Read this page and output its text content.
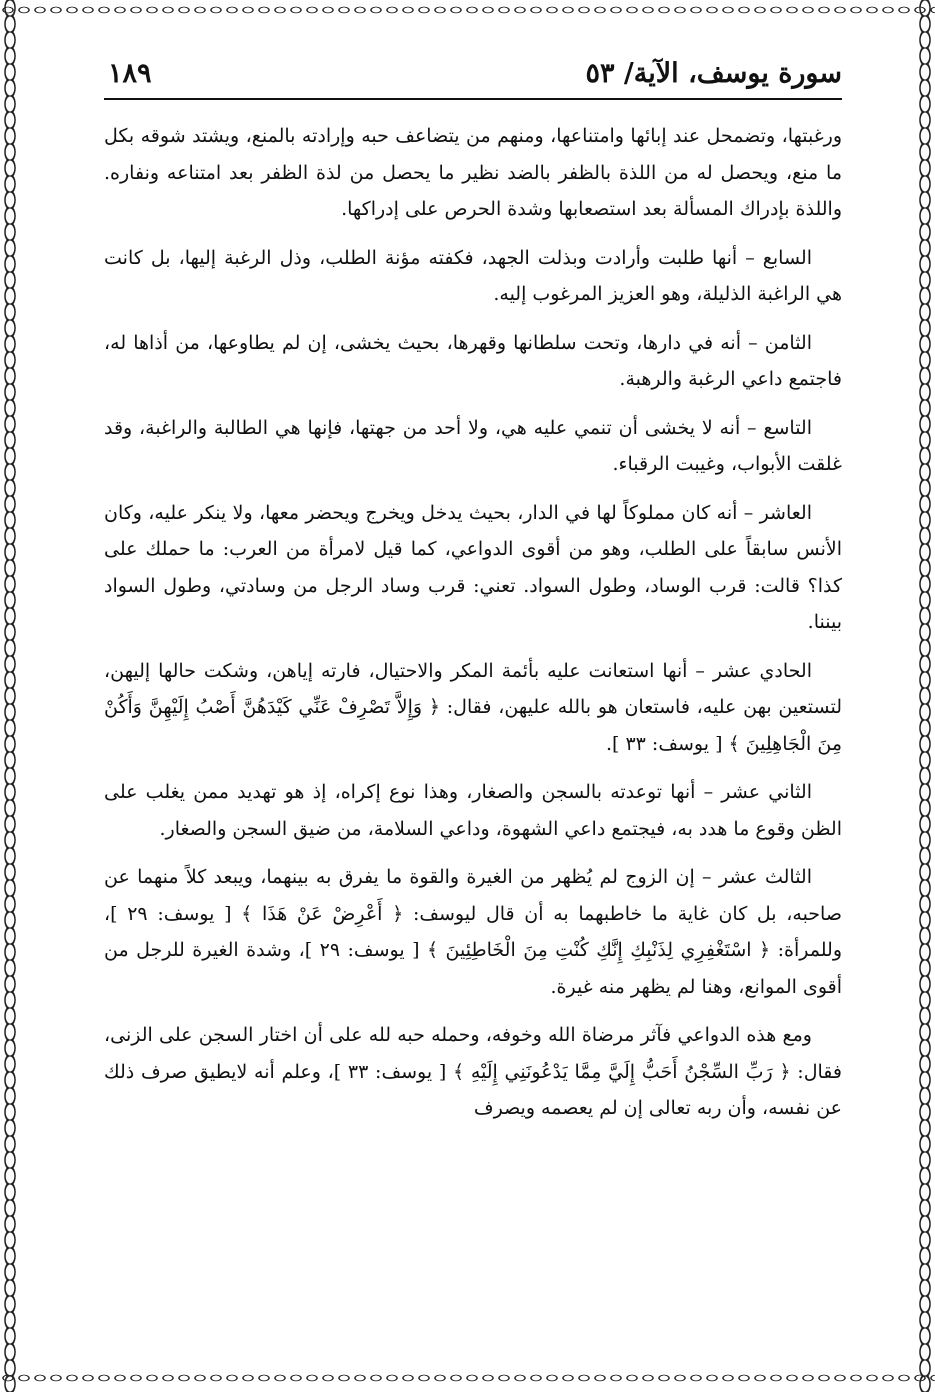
سورة يوسف، الآية/ ٥٣
١٨٩

ورغبتها، وتضمحل عند إبائها وامتناعها، ومنهم من يتضاعف حبه وإرادته بالمنع، ويشتد شوقه بكل ما منع، ويحصل له من اللذة بالظفر بالضد نظير ما يحصل من لذة الظفر بعد امتناعه ونفاره. واللذة بإدراك المسألة بعد استصعابها وشدة الحرص على إدراكها.

السابع – أنها طلبت وأرادت وبذلت الجهد، فكفته مؤنة الطلب، وذل الرغبة إليها، بل كانت هي الراغبة الذليلة، وهو العزيز المرغوب إليه.

الثامن – أنه في دارها، وتحت سلطانها وقهرها، بحيث يخشى، إن لم يطاوعها، من أذاها له، فاجتمع داعي الرغبة والرهبة.

التاسع – أنه لا يخشى أن تنمي عليه هي، ولا أحد من جهتها، فإنها هي الطالبة والراغبة، وقد غلقت الأبواب، وغيبت الرقباء.

العاشر – أنه كان مملوكاً لها في الدار، بحيث يدخل ويخرج ويحضر معها، ولا ينكر عليه، وكان الأنس سابقاً على الطلب، وهو من أقوى الدواعي، كما قيل لامرأة من العرب: ما حملك على كذا؟ قالت: قرب الوساد، وطول السواد. تعني: قرب وساد الرجل من وسادتي، وطول السواد بيننا.

الحادي عشر – أنها استعانت عليه بأئمة المكر والاحتيال، فارته إياهن، وشكت حالها إليهن، لتستعين بهن عليه، فاستعان هو بالله عليهن، فقال: ﴿ وَإِلاَّ تَصْرِفْ عَنِّي كَيْدَهُنَّ أَصْبُ إِلَيْهِنَّ وَأَكُنْ مِنَ الْجَاهِلِينَ ﴾ [ يوسف: ٣٣ ].

الثاني عشر – أنها توعدته بالسجن والصغار، وهذا نوع إكراه، إذ هو تهديد ممن يغلب على الظن وقوع ما هدد به، فيجتمع داعي الشهوة، وداعي السلامة، من ضيق السجن والصغار.

الثالث عشر – إن الزوج لم يُظهر من الغيرة والقوة ما يفرق به بينهما، ويبعد كلاً منهما عن صاحبه، بل كان غاية ما خاطبهما به أن قال ليوسف: ﴿ أَعْرِضْ عَنْ هَذَا ﴾ [ يوسف: ٢٩ ]، وللمرأة: ﴿ اسْتَغْفِرِي لِذَنْبِكِ إِنَّكِ كُنْتِ مِنَ الْخَاطِئِينَ ﴾ [ يوسف: ٢٩ ]، وشدة الغيرة للرجل من أقوى الموانع، وهنا لم يظهر منه غيرة.

ومع هذه الدواعي فآثر مرضاة الله وخوفه، وحمله حبه لله على أن اختار السجن على الزنى، فقال: ﴿ رَبِّ السِّجْنُ أَحَبُّ إِلَيَّ مِمَّا يَدْعُونَنِي إِلَيْهِ ﴾ [ يوسف: ٣٣ ]، وعلم أنه لايطيق صرف ذلك عن نفسه، وأن ربه تعالى إن لم يعصمه ويصرف
